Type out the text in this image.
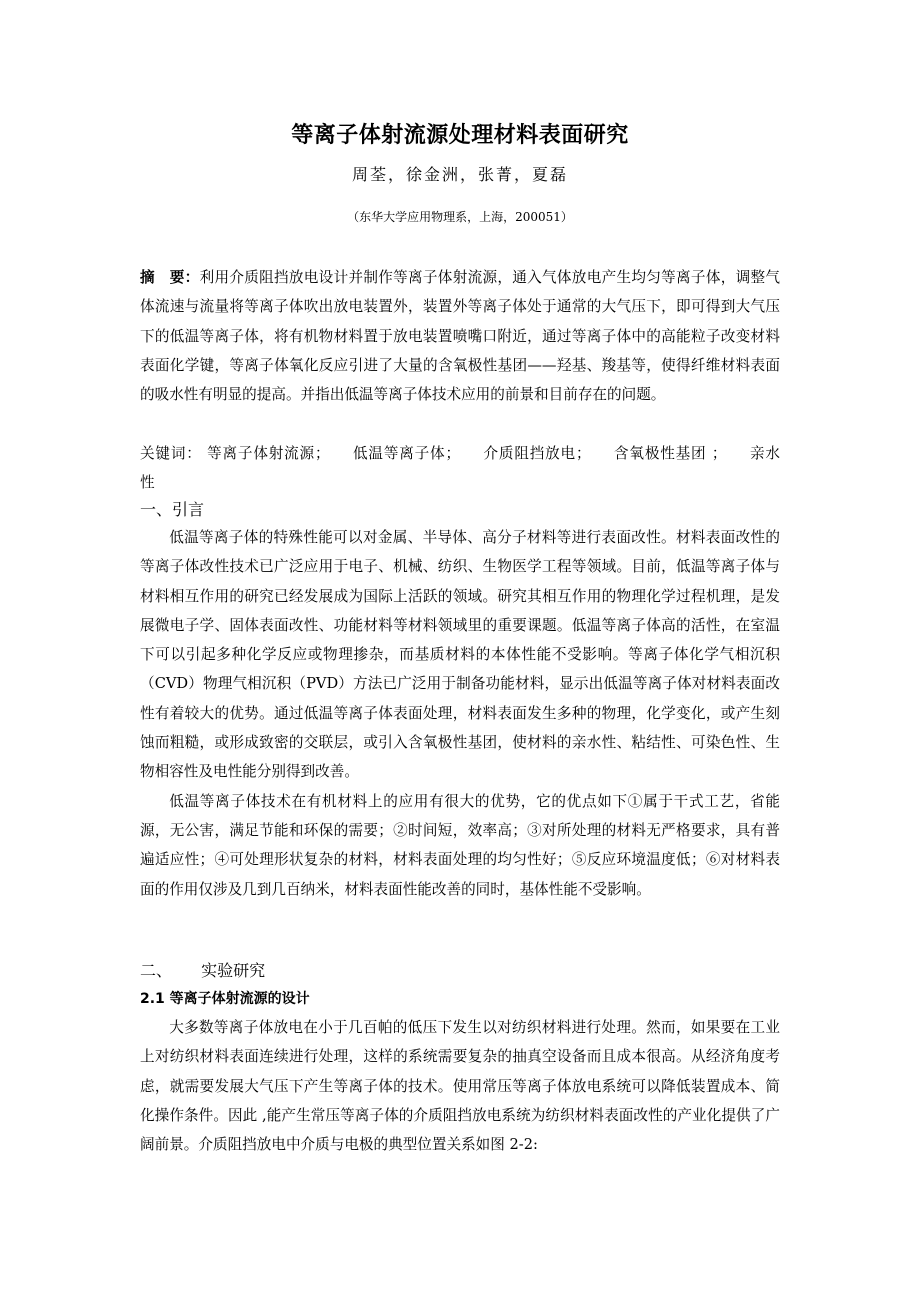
等离子体射流源处理材料表面研究
周荃，徐金洲，张菁，夏磊
（东华大学应用物理系，上海，200051）
摘　要：利用介质阻挡放电设计并制作等离子体射流源，通入气体放电产生均匀等离子体，调整气体流速与流量将等离子体吹出放电装置外，装置外等离子体处于通常的大气压下，即可得到大气压下的低温等离子体，将有机物材料置于放电装置喷嘴口附近，通过等离子体中的高能粒子改变材料表面化学键，等离子体氧化反应引进了大量的含氧极性基团——羟基、羧基等，使得纤维材料表面的吸水性有明显的提高。并指出低温等离子体技术应用的前景和目前存在的问题。
关键词： 等离子体射流源； 低温等离子体； 介质阻挡放电； 含氧极性基团 ； 亲水性
一、引言

低温等离子体的特殊性能可以对金属、半导体、高分子材料等进行表面改性。材料表面改性的等离子体改性技术已广泛应用于电子、机械、纺织、生物医学工程等领域。目前，低温等离子体与材料相互作用的研究已经发展成为国际上活跃的领域。研究其相互作用的物理化学过程机理，是发展微电子学、固体表面改性、功能材料等材料领域里的重要课题。低温等离子体高的活性，在室温下可以引起多种化学反应或物理掺杂，而基质材料的本体性能不受影响。等离子体化学气相沉积（CVD）物理气相沉积（PVD）方法已广泛用于制备功能材料，显示出低温等离子体对材料表面改性有着较大的优势。通过低温等离子体表面处理，材料表面发生多种的物理，化学变化，或产生刻蚀而粗糙，或形成致密的交联层，或引入含氧极性基团，使材料的亲水性、粘结性、可染色性、生物相容性及电性能分别得到改善。

低温等离子体技术在有机材料上的应用有很大的优势，它的优点如下①属于干式工艺，省能源，无公害，满足节能和环保的需要；②时间短，效率高；③对所处理的材料无严格要求，具有普遍适应性；④可处理形状复杂的材料，材料表面处理的均匀性好；⑤反应环境温度低；⑥对材料表面的作用仅涉及几到几百纳米，材料表面性能改善的同时，基体性能不受影响。

二、 实验研究
2.1 等离子体射流源的设计

大多数等离子体放电在小于几百帕的低压下发生以对纺织材料进行处理。然而，如果要在工业上对纺织材料表面连续进行处理，这样的系统需要复杂的抽真空设备而且成本很高。从经济角度考虑，就需要发展大气压下产生等离子体的技术。使用常压等离子体放电系统可以降低装置成本、简化操作条件。因此 ,能产生常压等离子体的介质阻挡放电系统为纺织材料表面改性的产业化提供了广阔前景。介质阻挡放电中介质与电极的典型位置关系如图 2-2:
